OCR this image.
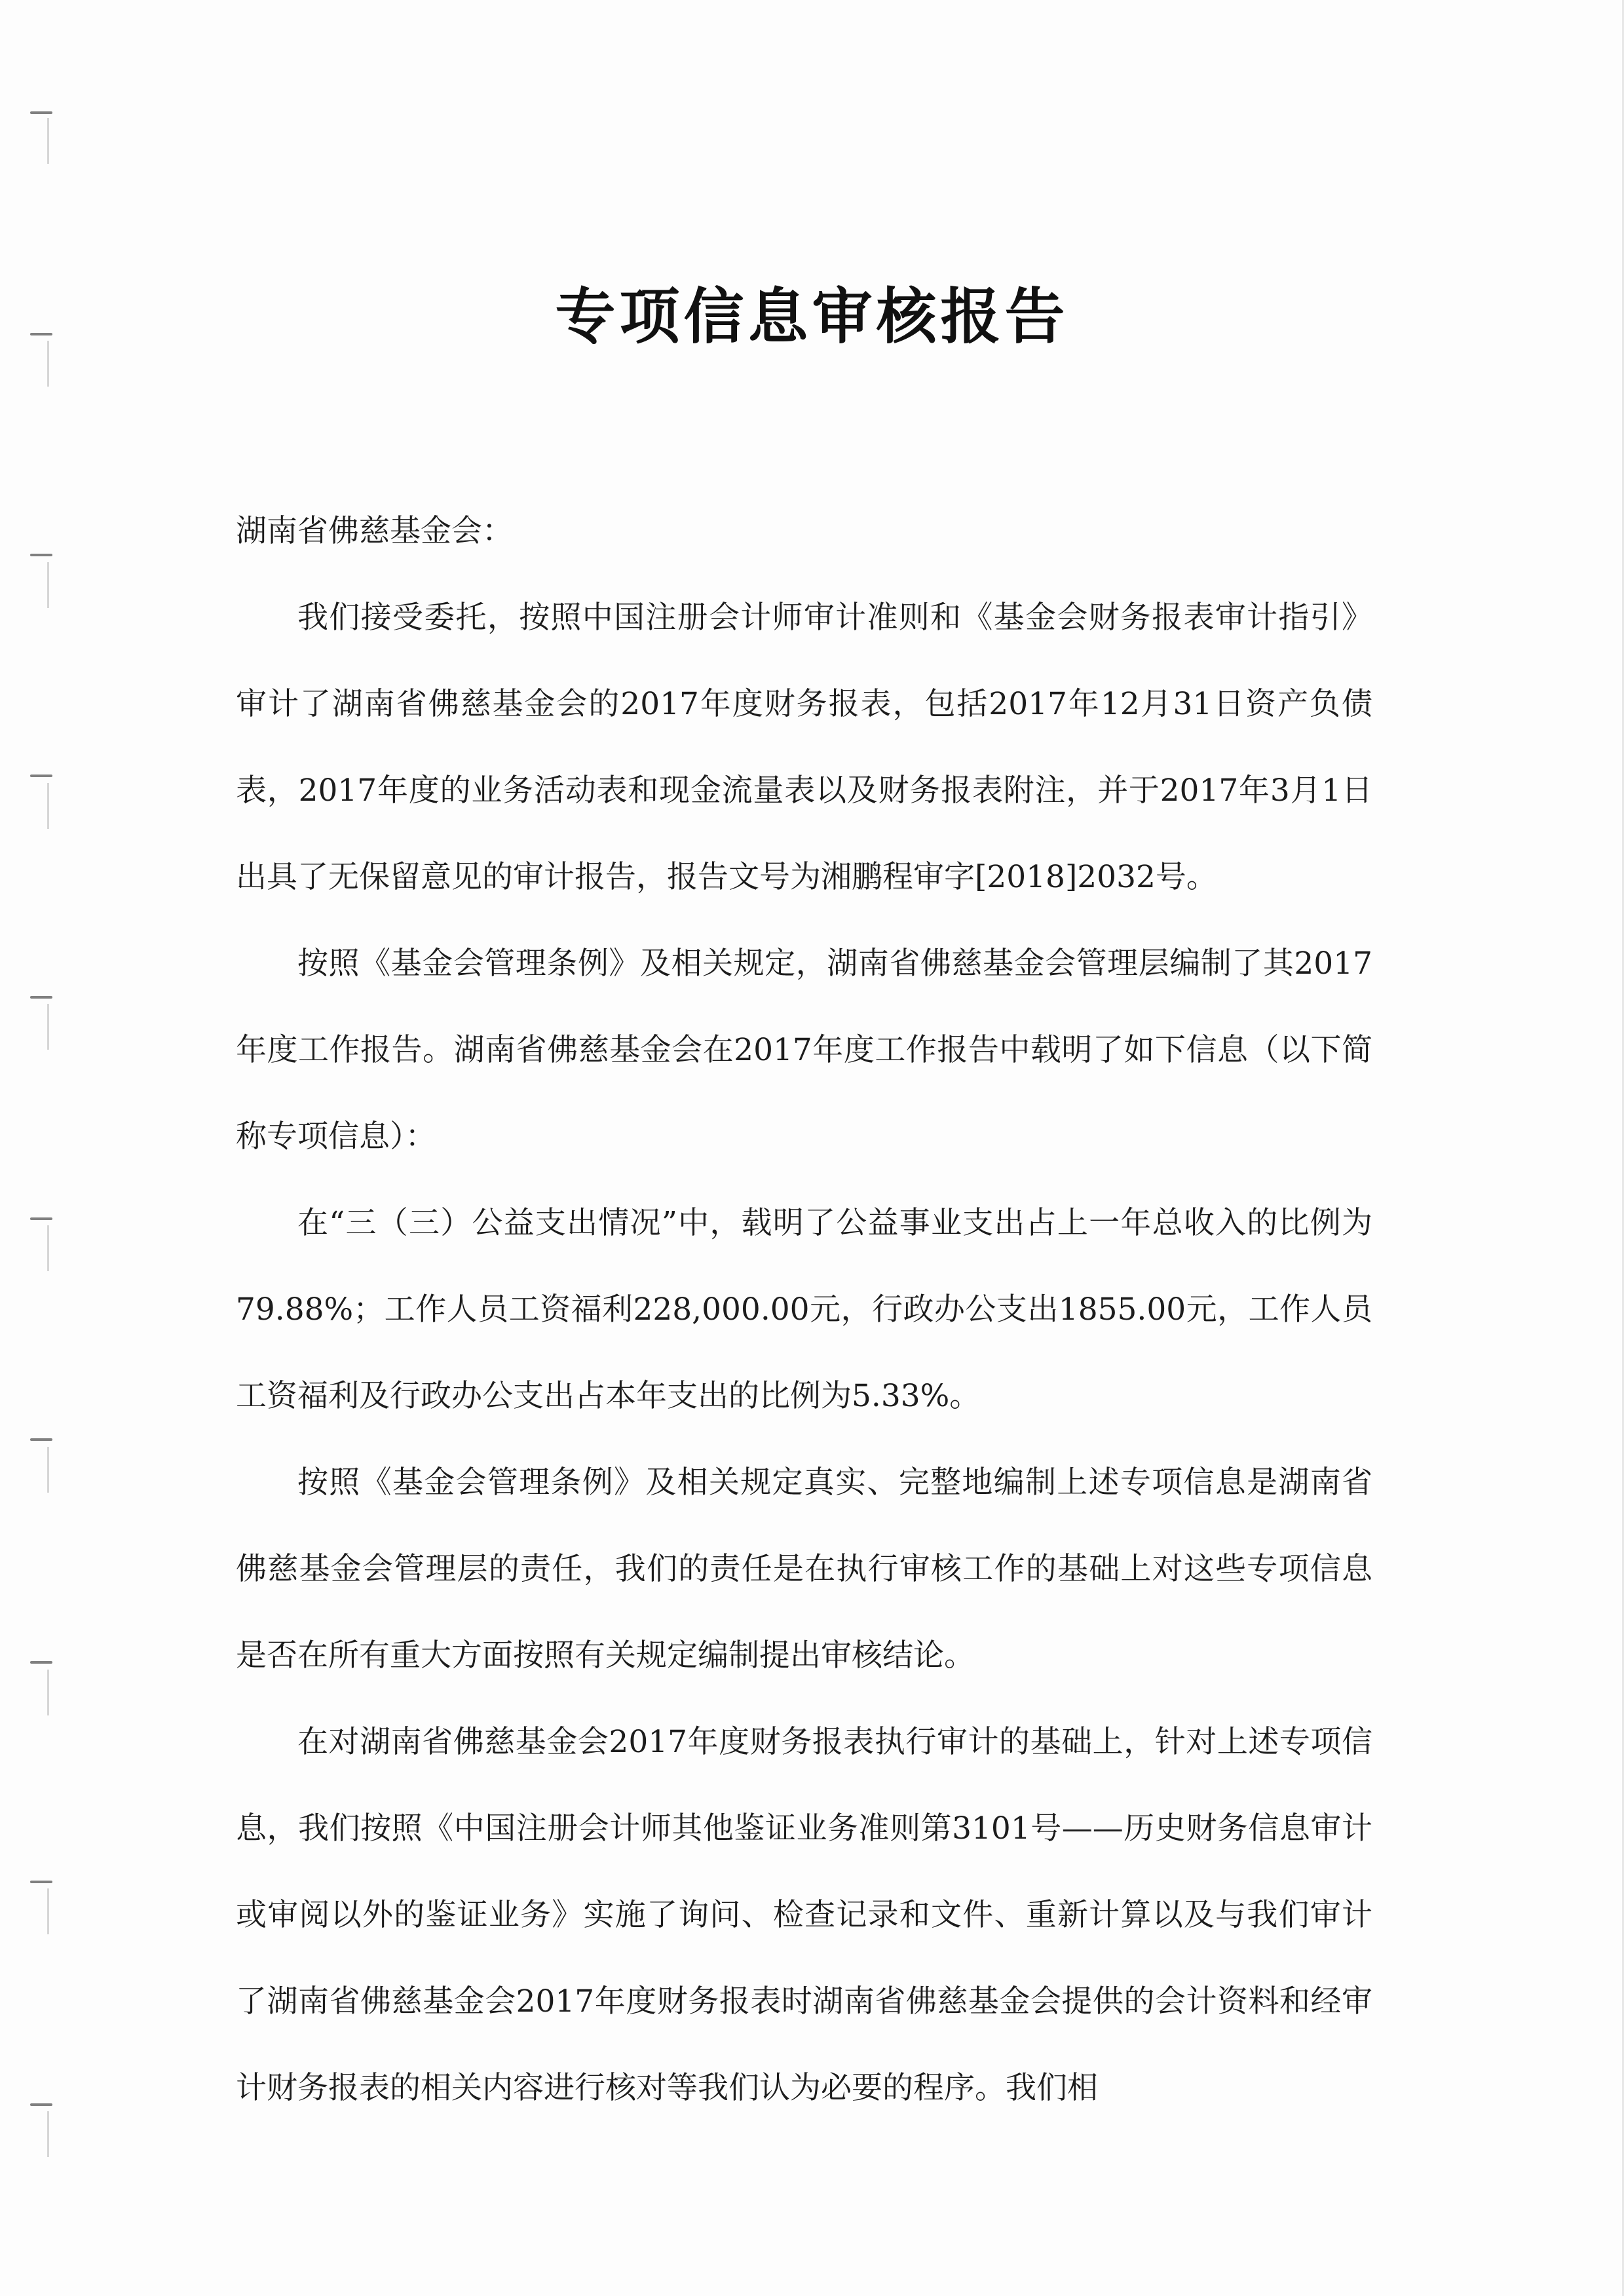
专项信息审核报告

湖南省佛慈基金会：

我们接受委托，按照中国注册会计师审计准则和《基金会财务报表审计指引》审计了湖南省佛慈基金会的2017年度财务报表，包括2017年12月31日资产负债表，2017年度的业务活动表和现金流量表以及财务报表附注，并于2017年3月1日出具了无保留意见的审计报告，报告文号为湘鹏程审字[2018]2032号。

按照《基金会管理条例》及相关规定，湖南省佛慈基金会管理层编制了其2017年度工作报告。湖南省佛慈基金会在2017年度工作报告中载明了如下信息（以下简称专项信息）：

在“三（三）公益支出情况”中，载明了公益事业支出占上一年总收入的比例为79.88%；工作人员工资福利228,000.00元，行政办公支出1855.00元，工作人员工资福利及行政办公支出占本年支出的比例为5.33%。

按照《基金会管理条例》及相关规定真实、完整地编制上述专项信息是湖南省佛慈基金会管理层的责任，我们的责任是在执行审核工作的基础上对这些专项信息是否在所有重大方面按照有关规定编制提出审核结论。

在对湖南省佛慈基金会2017年度财务报表执行审计的基础上，针对上述专项信息，我们按照《中国注册会计师其他鉴证业务准则第3101号——历史财务信息审计或审阅以外的鉴证业务》实施了询问、检查记录和文件、重新计算以及与我们审计了湖南省佛慈基金会2017年度财务报表时湖南省佛慈基金会提供的会计资料和经审计财务报表的相关内容进行核对等我们认为必要的程序。我们相
